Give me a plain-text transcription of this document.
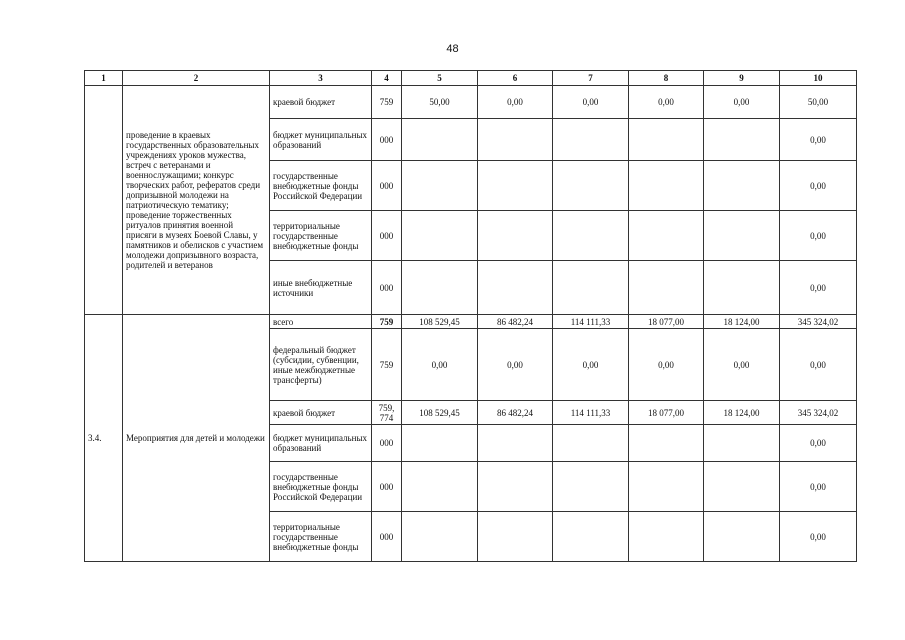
48
1	2	3	4	5	6	7	8	9	10
	проведение в краевых государственных образовательных учреждениях уроков мужества, встреч с ветеранами и военнослужащими; конкурс творческих работ, рефератов среди допризывной молодежи на патриотическую тематику; проведение торжественных ритуалов принятия военной присяги в музеях Боевой Славы, у памятников и обелисков с участием молодежи допризывного возраста, родителей и ветеранов	краевой бюджет	759	50,00	0,00	0,00	0,00	0,00	50,00
		бюджет муниципальных образований	000						0,00
		государственные внебюджетные фонды Российской Федерации	000						0,00
		территориальные государственные внебюджетные фонды	000						0,00
		иные внебюджетные источники	000						0,00
3.4.	Мероприятия для детей и молодежи	всего	759	108 529,45	86 482,24	114 111,33	18 077,00	18 124,00	345 324,02
		федеральный бюджет (субсидии, субвенции, иные межбюджетные трансферты)	759	0,00	0,00	0,00	0,00	0,00	0,00
		краевой бюджет	759, 774	108 529,45	86 482,24	114 111,33	18 077,00	18 124,00	345 324,02
		бюджет муниципальных образований	000						0,00
		государственные внебюджетные фонды Российской Федерации	000						0,00
		территориальные государственные внебюджетные фонды	000						0,00
